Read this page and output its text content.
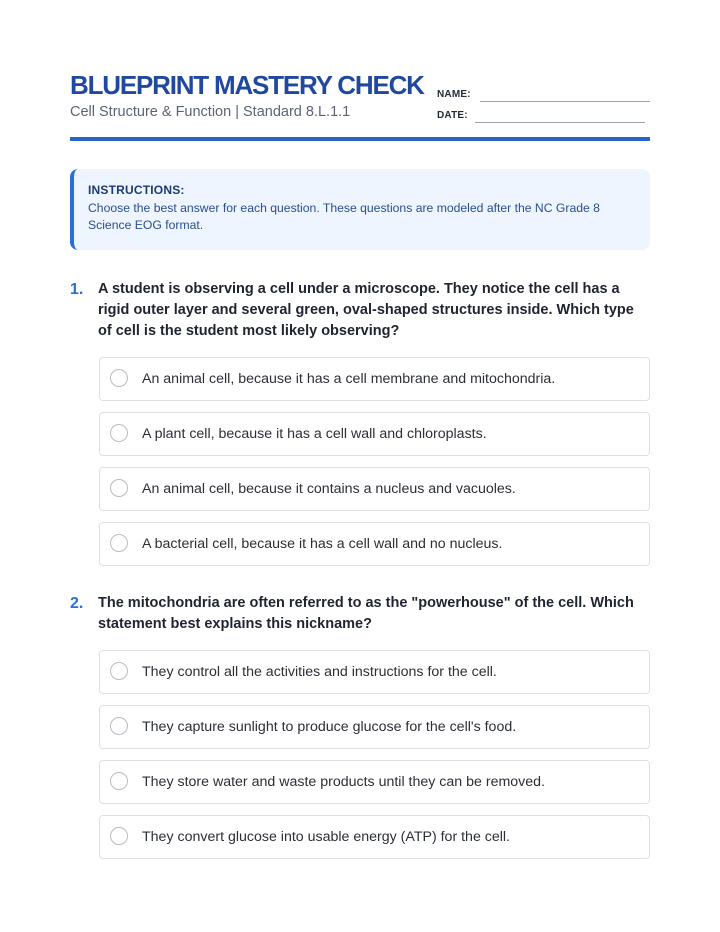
BLUEPRINT MASTERY CHECK
Cell Structure & Function | Standard 8.L.1.1
NAME:
DATE:
INSTRUCTIONS:
Choose the best answer for each question. These questions are modeled after the NC Grade 8 Science EOG format.
1. A student is observing a cell under a microscope. They notice the cell has a rigid outer layer and several green, oval-shaped structures inside. Which type of cell is the student most likely observing?
An animal cell, because it has a cell membrane and mitochondria.
A plant cell, because it has a cell wall and chloroplasts.
An animal cell, because it contains a nucleus and vacuoles.
A bacterial cell, because it has a cell wall and no nucleus.
2. The mitochondria are often referred to as the "powerhouse" of the cell. Which statement best explains this nickname?
They control all the activities and instructions for the cell.
They capture sunlight to produce glucose for the cell's food.
They store water and waste products until they can be removed.
They convert glucose into usable energy (ATP) for the cell.
